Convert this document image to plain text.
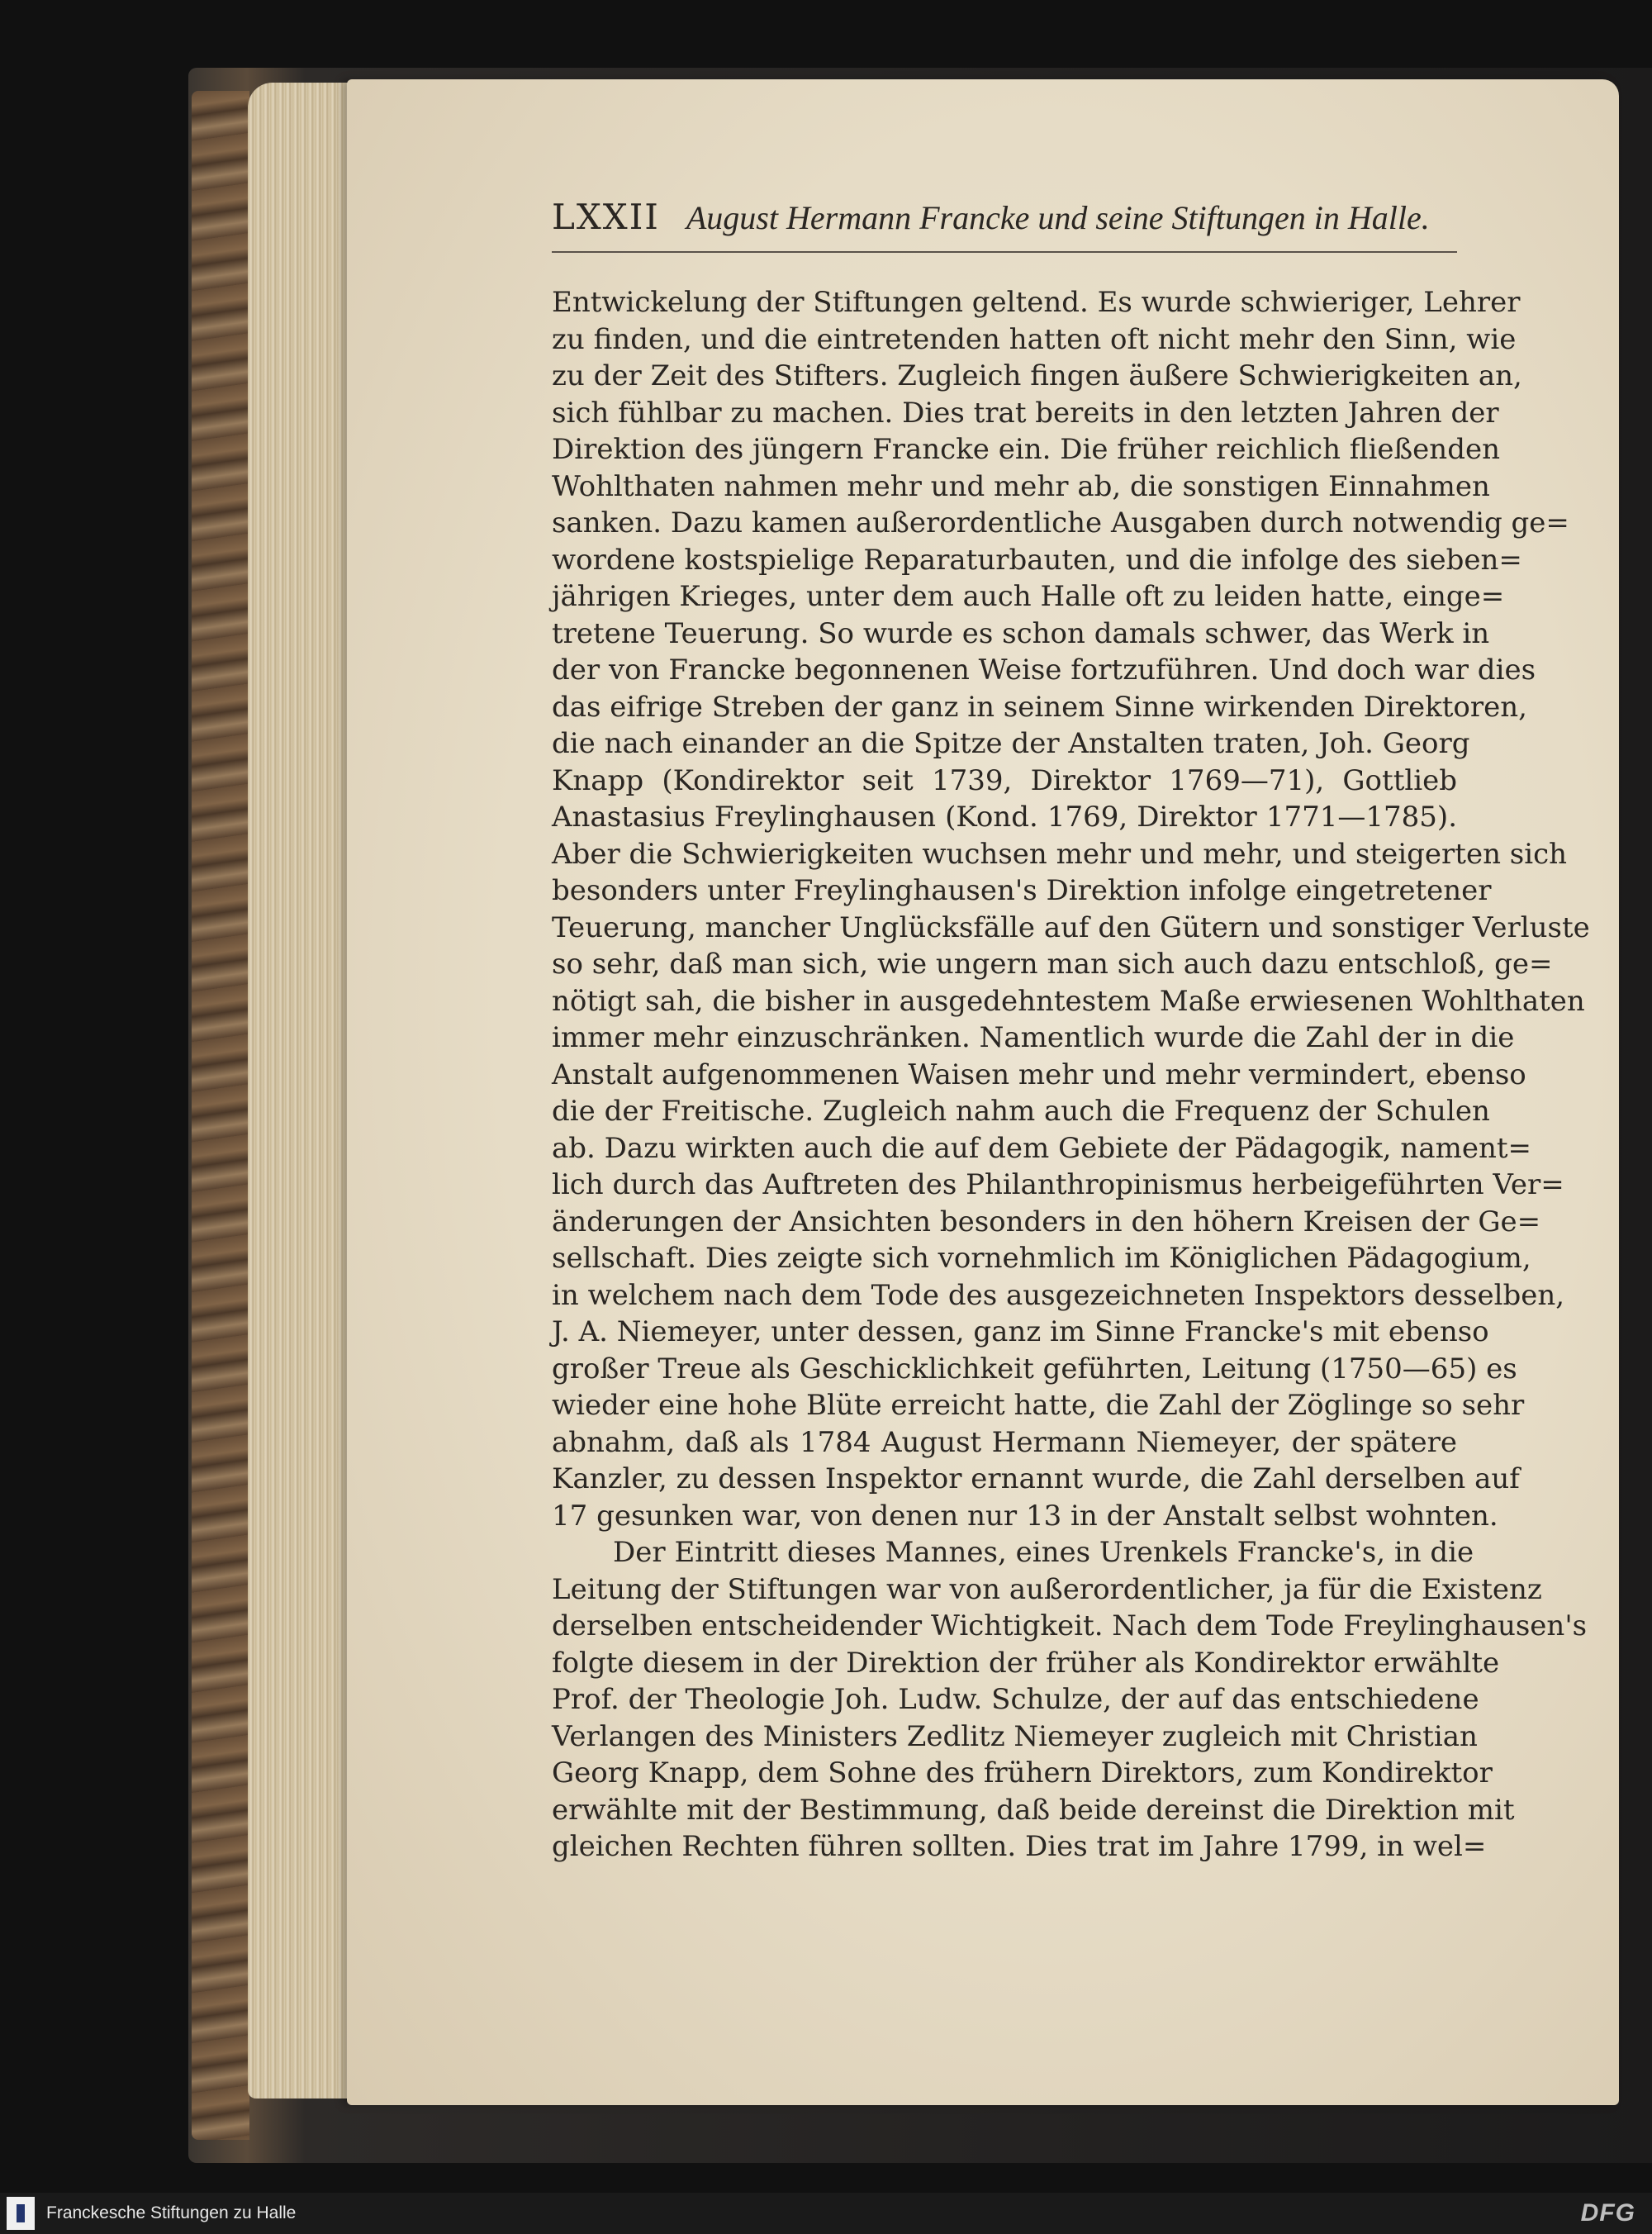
LXXII August Hermann Francke und seine Stiftungen in Halle.
Entwickelung der Stiftungen geltend. Es wurde schwieriger, Lehrer
zu finden, und die eintretenden hatten oft nicht mehr den Sinn, wie
zu der Zeit des Stifters. Zugleich fingen äußere Schwierigkeiten an,
sich fühlbar zu machen. Dies trat bereits in den letzten Jahren der
Direktion des jüngern Francke ein. Die früher reichlich fließenden
Wohlthaten nahmen mehr und mehr ab, die sonstigen Einnahmen
sanken. Dazu kamen außerordentliche Ausgaben durch notwendig ge=
wordene kostspielige Reparaturbauten, und die infolge des sieben=
jährigen Krieges, unter dem auch Halle oft zu leiden hatte, einge=
tretene Teuerung. So wurde es schon damals schwer, das Werk in
der von Francke begonnenen Weise fortzuführen. Und doch war dies
das eifrige Streben der ganz in seinem Sinne wirkenden Direktoren,
die nach einander an die Spitze der Anstalten traten, Joh. Georg
Knapp (Kondirektor seit 1739, Direktor 1769—71), Gottlieb
Anastasius Freylinghausen (Kond. 1769, Direktor 1771—1785).
Aber die Schwierigkeiten wuchsen mehr und mehr, und steigerten sich
besonders unter Freylinghausen's Direktion infolge eingetretener
Teuerung, mancher Unglücksfälle auf den Gütern und sonstiger Verluste
so sehr, daß man sich, wie ungern man sich auch dazu entschloß, ge=
nötigt sah, die bisher in ausgedehntestem Maße erwiesenen Wohlthaten
immer mehr einzuschränken. Namentlich wurde die Zahl der in die
Anstalt aufgenommenen Waisen mehr und mehr vermindert, ebenso
die der Freitische. Zugleich nahm auch die Frequenz der Schulen
ab. Dazu wirkten auch die auf dem Gebiete der Pädagogik, nament=
lich durch das Auftreten des Philanthropinismus herbeigeführten Ver=
änderungen der Ansichten besonders in den höhern Kreisen der Ge=
sellschaft. Dies zeigte sich vornehmlich im Königlichen Pädagogium,
in welchem nach dem Tode des ausgezeichneten Inspektors desselben,
J. A. Niemeyer, unter dessen, ganz im Sinne Francke's mit ebenso
großer Treue als Geschicklichkeit geführten, Leitung (1750—65) es
wieder eine hohe Blüte erreicht hatte, die Zahl der Zöglinge so sehr
abnahm, daß als 1784 August Hermann Niemeyer, der spätere
Kanzler, zu dessen Inspektor ernannt wurde, die Zahl derselben auf
17 gesunken war, von denen nur 13 in der Anstalt selbst wohnten.
Der Eintritt dieses Mannes, eines Urenkels Francke's, in die
Leitung der Stiftungen war von außerordentlicher, ja für die Existenz
derselben entscheidender Wichtigkeit. Nach dem Tode Freylinghausen's
folgte diesem in der Direktion der früher als Kondirektor erwählte
Prof. der Theologie Joh. Ludw. Schulze, der auf das entschiedene
Verlangen des Ministers Zedlitz Niemeyer zugleich mit Christian
Georg Knapp, dem Sohne des frühern Direktors, zum Kondirektor
erwählte mit der Bestimmung, daß beide dereinst die Direktion mit
gleichen Rechten führen sollten. Dies trat im Jahre 1799, in wel=
Franckesche Stiftungen zu Halle	DFG
